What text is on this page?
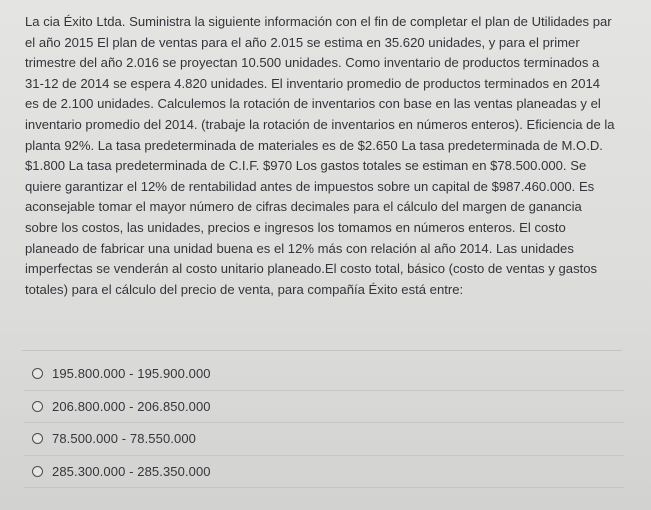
La cia Éxito Ltda. Suministra la siguiente información con el fin de completar el plan de Utilidades par el año 2015 El plan de ventas para el año 2.015 se estima en 35.620 unidades, y para el primer trimestre del año 2.016 se proyectan 10.500 unidades. Como inventario de productos terminados a 31-12 de 2014 se espera 4.820 unidades. El inventario promedio de productos terminados en 2014 es de 2.100 unidades. Calculemos la rotación de inventarios con base en las ventas planeadas y el inventario promedio del 2014. (trabaje la rotación de inventarios en números enteros). Eficiencia de la planta 92%. La tasa predeterminada de materiales es de $2.650 La tasa predeterminada de M.O.D. $1.800 La tasa predeterminada de C.I.F. $970 Los gastos totales se estiman en $78.500.000. Se quiere garantizar el 12% de rentabilidad antes de impuestos sobre un capital de $987.460.000. Es aconsejable tomar el mayor número de cifras decimales para el cálculo del margen de ganancia sobre los costos, las unidades, precios e ingresos los tomamos en números enteros. El costo planeado de fabricar una unidad buena es el 12% más con relación al año 2014. Las unidades imperfectas se venderán al costo unitario planeado.El costo total, básico (costo de ventas y gastos totales) para el cálculo del precio de venta, para compañía Éxito está entre:

195.800.000 - 195.900.000
206.800.000 - 206.850.000
78.500.000 - 78.550.000
285.300.000 - 285.350.000
